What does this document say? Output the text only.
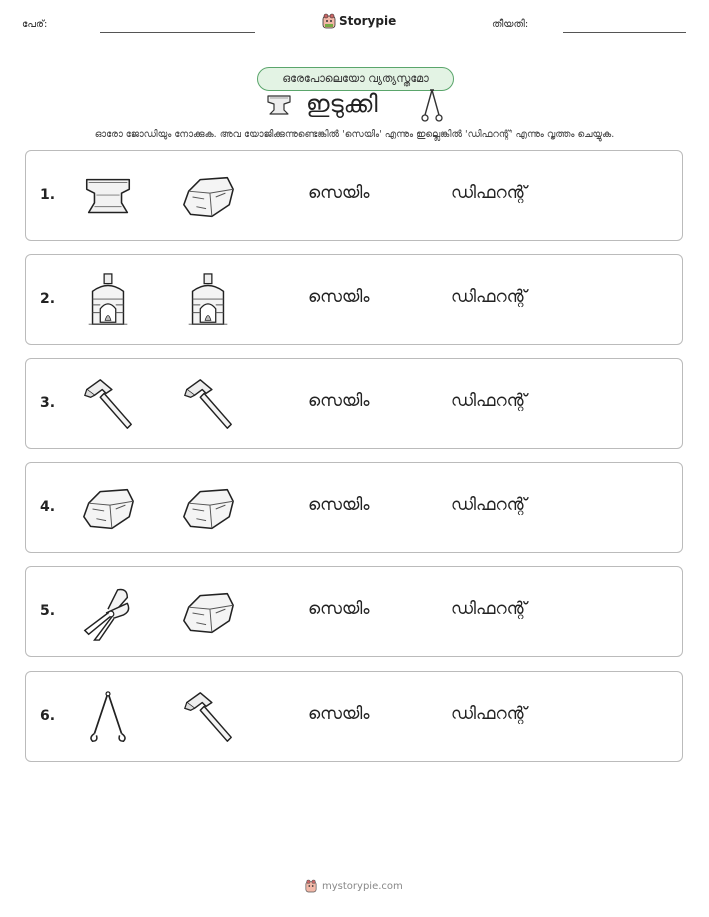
പേര്:	Storypie	തീയതി:
ഒരേപോലെയോ വ്യത്യസ്തമോ
ഇടുക്കി
ഓരോ ജോഡിയും നോക്കുക. അവ യോജിക്കുന്നുണ്ടെങ്കിൽ 'സെയിം' എന്നും ഇല്ലെങ്കിൽ 'ഡിഫറന്റ്' എന്നും വൃത്തം ചെയ്യുക.
1.	സെയിം	ഡിഫറന്റ്
2.	സെയിം	ഡിഫറന്റ്
3.	സെയിം	ഡിഫറന്റ്
4.	സെയിം	ഡിഫറന്റ്
5.	സെയിം	ഡിഫറന്റ്
6.	സെയിം	ഡിഫറന്റ്
mystorypie.com
